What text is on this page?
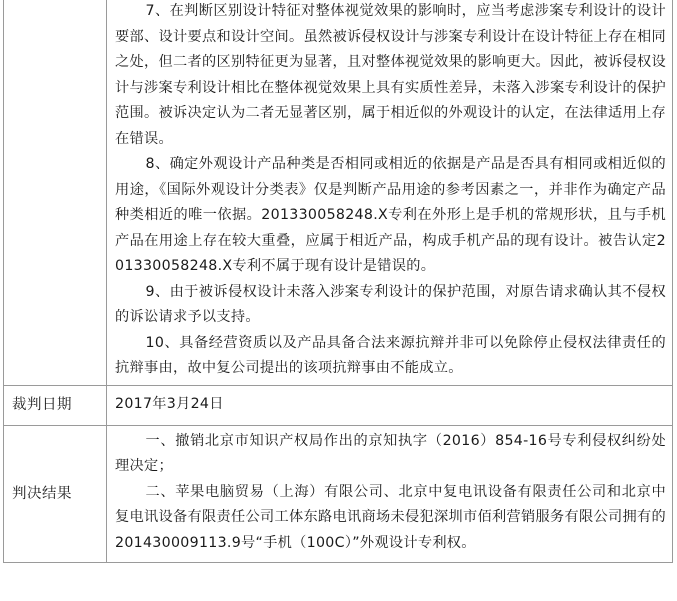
	7、在判断区别设计特征对整体视觉效果的影响时，应当考虑涉案专利设计的设计要部、设计要点和设计空间。虽然被诉侵权设计与涉案专利设计在设计特征上存在相同之处，但二者的区别特征更为显著，且对整体视觉效果的影响更大。因此，被诉侵权设计与涉案专利设计相比在整体视觉效果上具有实质性差异，未落入涉案专利设计的保护范围。被诉决定认为二者无显著区别，属于相近似的外观设计的认定，在法律适用上存在错误。

8、确定外观设计产品种类是否相同或相近的依据是产品是否具有相同或相近似的用途，《国际外观设计分类表》仅是判断产品用途的参考因素之一，并非作为确定产品种类相近的唯一依据。201330058248.X专利在外形上是手机的常规形状，且与手机产品在用途上存在较大重叠，应属于相近产品，构成手机产品的现有设计。被告认定201330058248.X专利不属于现有设计是错误的。

9、由于被诉侵权设计未落入涉案专利设计的保护范围，对原告请求确认其不侵权的诉讼请求予以支持。

10、具备经营资质以及产品具备合法来源抗辩并非可以免除停止侵权法律责任的抗辩事由，故中复公司提出的该项抗辩事由不能成立。

裁判日期	2017年3月24日

判决结果	一、撤销北京市知识产权局作出的京知执字（2016）854-16号专利侵权纠纷处理决定；

二、苹果电脑贸易（上海）有限公司、北京中复电讯设备有限责任公司和北京中复电讯设备有限责任公司工体东路电讯商场未侵犯深圳市佰利营销服务有限公司拥有的201430009113.9号“手机（100C）”外观设计专利权。
